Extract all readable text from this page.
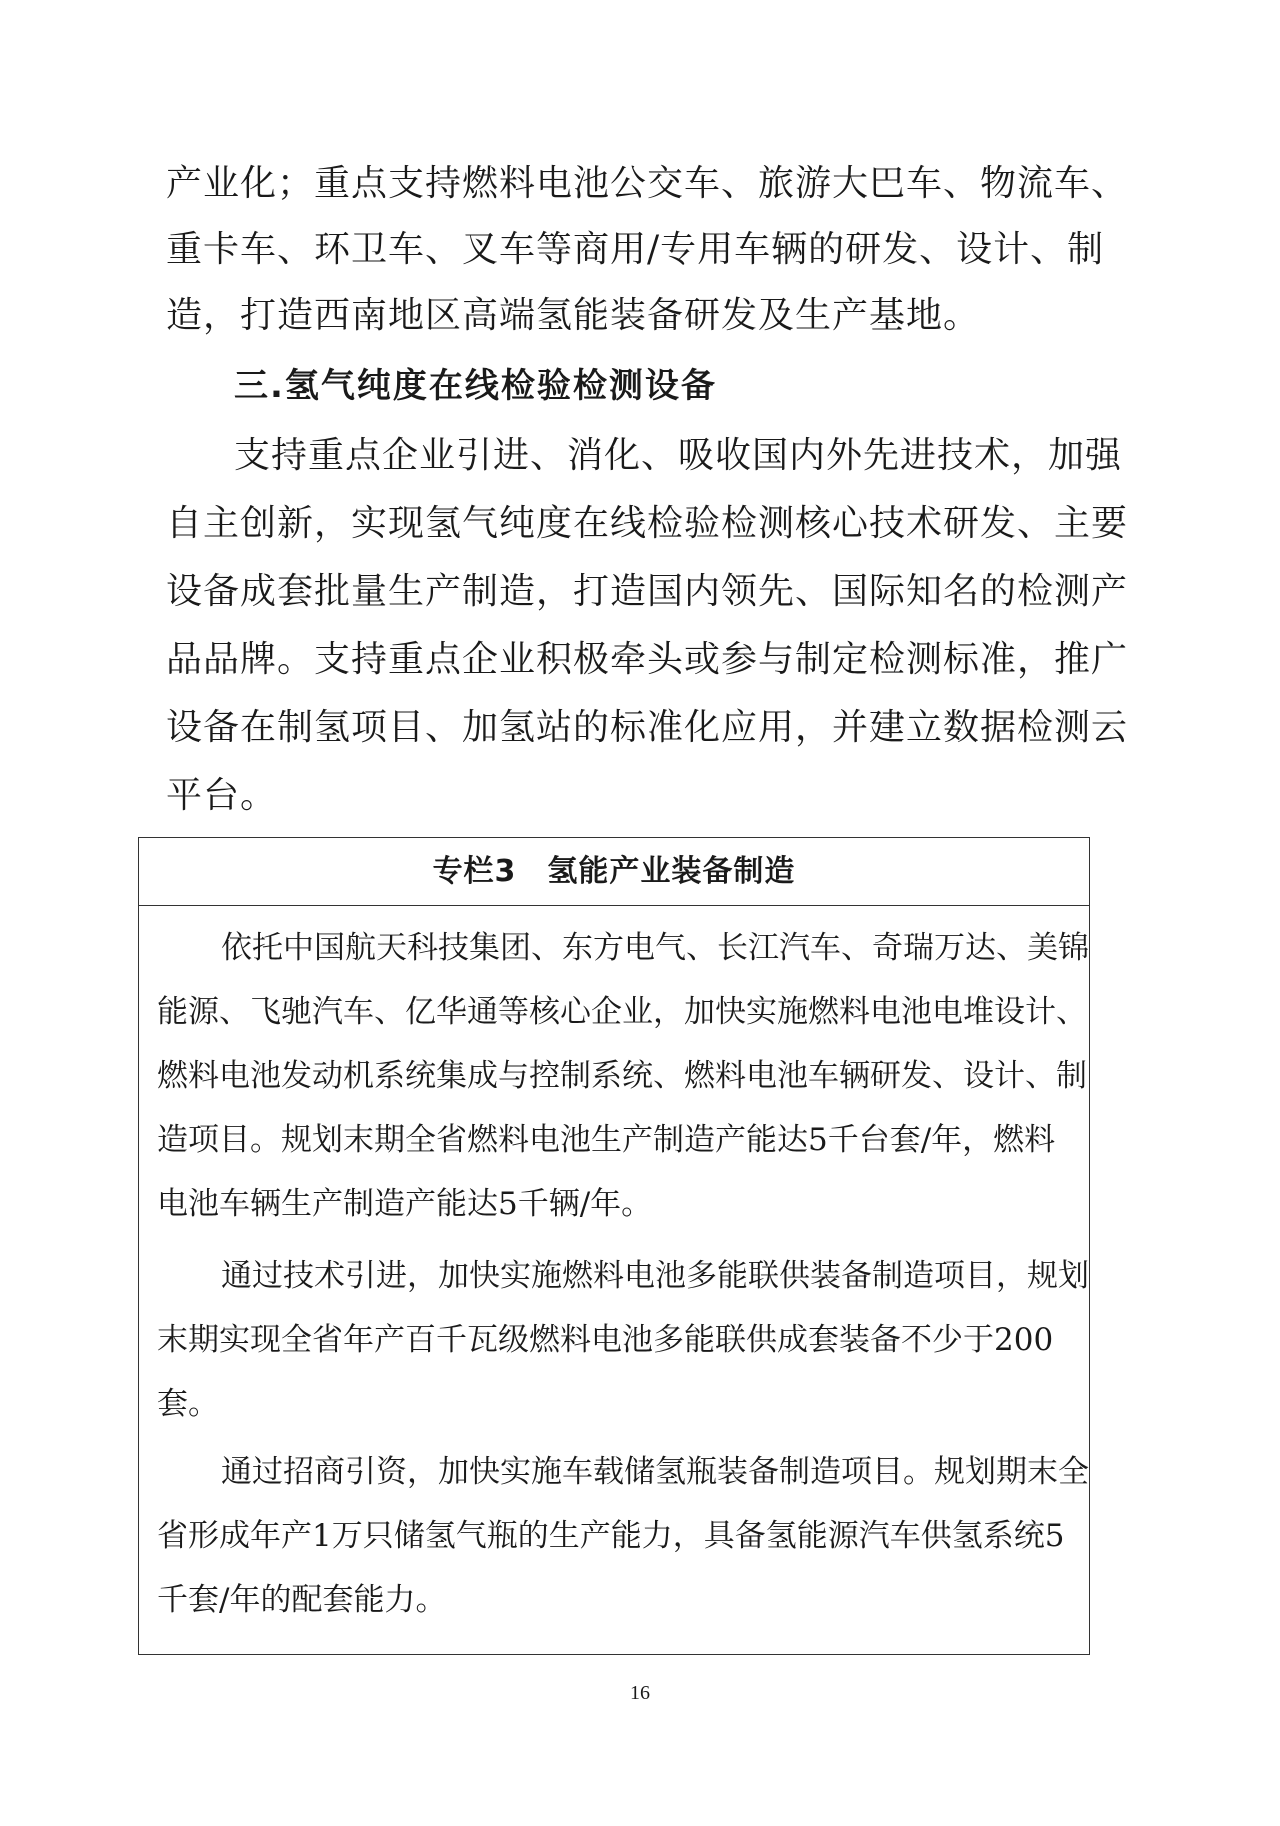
产业化；重点支持燃料电池公交车、旅游大巴车、物流车、
重卡车、环卫车、叉车等商用/专用车辆的研发、设计、制
造，打造西南地区高端氢能装备研发及生产基地。
三.氢气纯度在线检验检测设备
支持重点企业引进、消化、吸收国内外先进技术，加强
自主创新，实现氢气纯度在线检验检测核心技术研发、主要
设备成套批量生产制造，打造国内领先、国际知名的检测产
品品牌。支持重点企业积极牵头或参与制定检测标准，推广
设备在制氢项目、加氢站的标准化应用，并建立数据检测云
平台。
专栏3　氢能产业装备制造
依托中国航天科技集团、东方电气、长江汽车、奇瑞万达、美锦
能源、飞驰汽车、亿华通等核心企业，加快实施燃料电池电堆设计、
燃料电池发动机系统集成与控制系统、燃料电池车辆研发、设计、制
造项目。规划末期全省燃料电池生产制造产能达5千台套/年，燃料
电池车辆生产制造产能达5千辆/年。
通过技术引进，加快实施燃料电池多能联供装备制造项目，规划
末期实现全省年产百千瓦级燃料电池多能联供成套装备不少于200
套。
通过招商引资，加快实施车载储氢瓶装备制造项目。规划期末全
省形成年产1万只储氢气瓶的生产能力，具备氢能源汽车供氢系统5
千套/年的配套能力。
16
